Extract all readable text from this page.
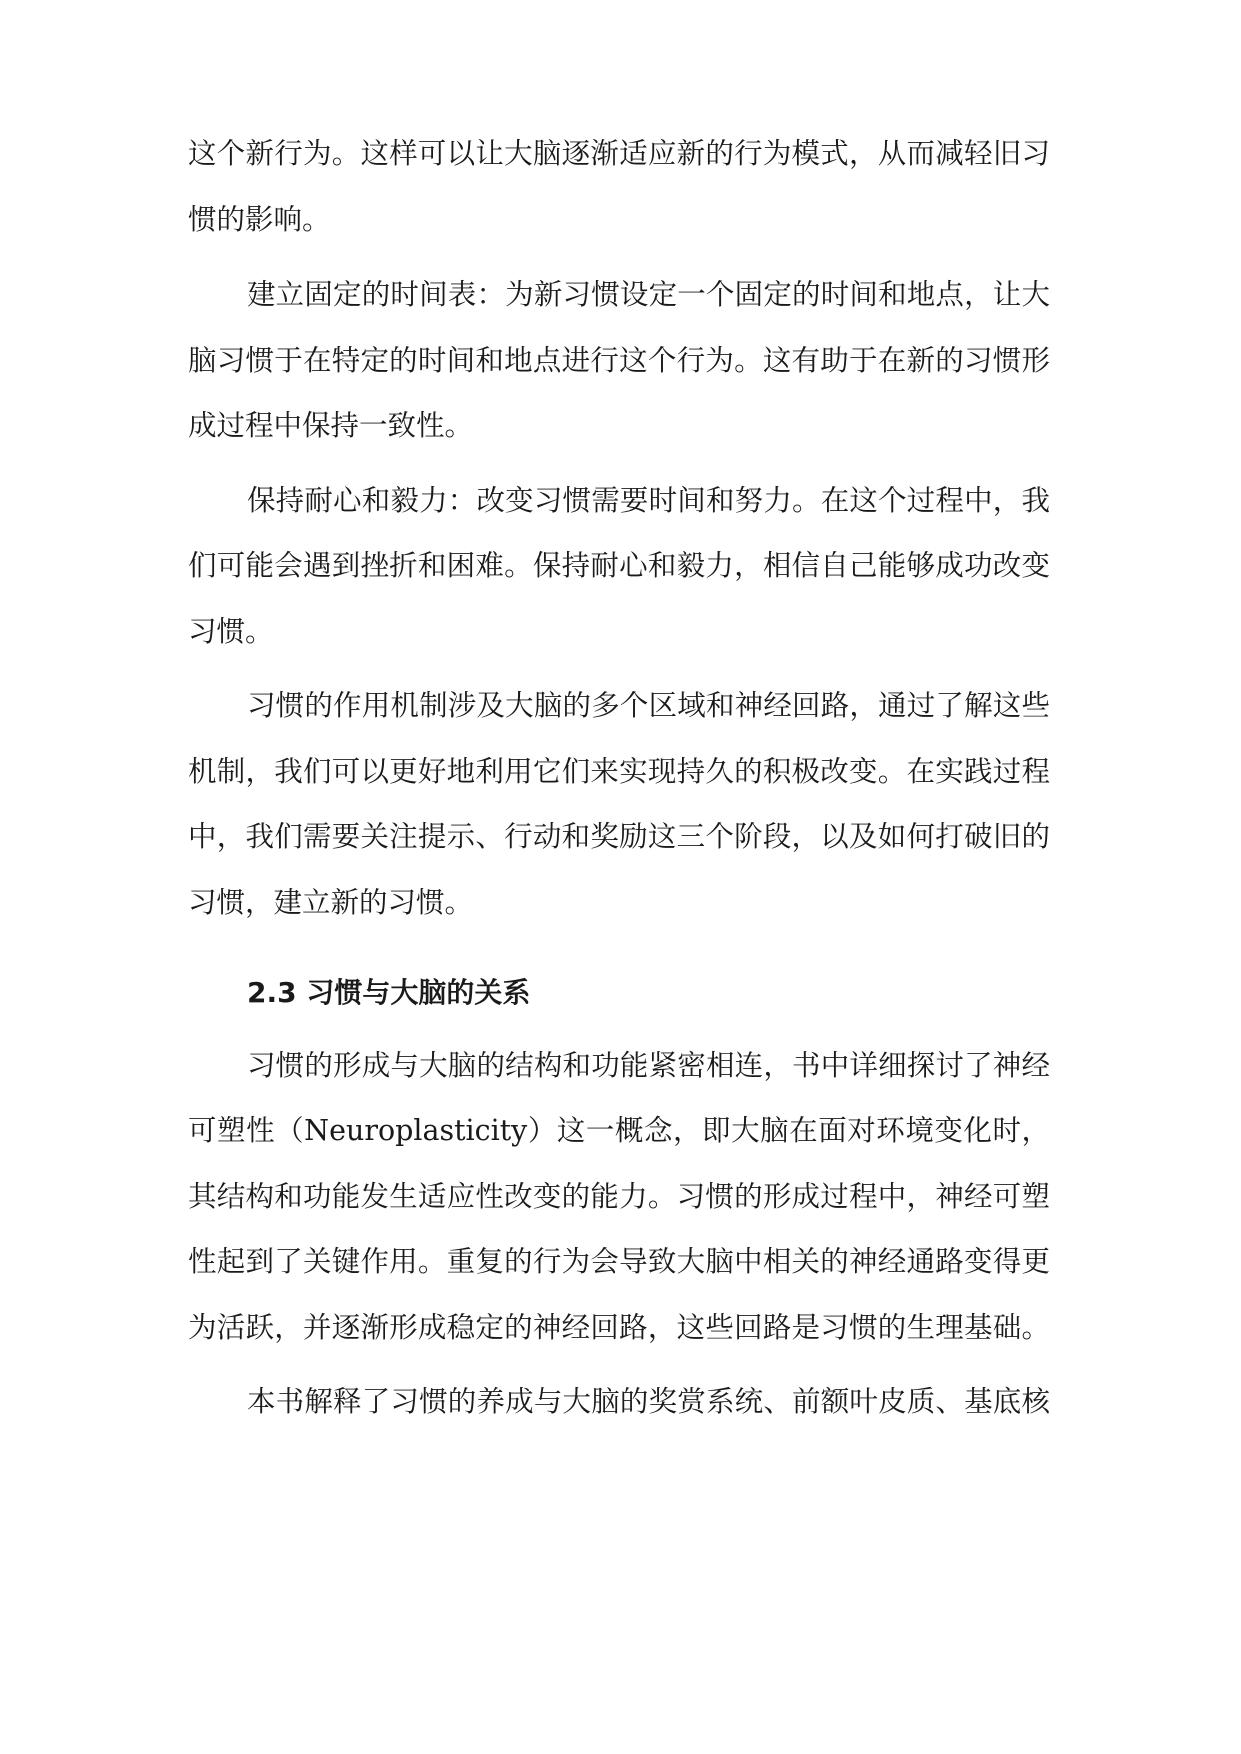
这个新行为。这样可以让大脑逐渐适应新的行为模式，从而减轻旧习
惯的影响。
建立固定的时间表：为新习惯设定一个固定的时间和地点，让大
脑习惯于在特定的时间和地点进行这个行为。这有助于在新的习惯形
成过程中保持一致性。
保持耐心和毅力：改变习惯需要时间和努力。在这个过程中，我
们可能会遇到挫折和困难。保持耐心和毅力，相信自己能够成功改变
习惯。
习惯的作用机制涉及大脑的多个区域和神经回路，通过了解这些
机制，我们可以更好地利用它们来实现持久的积极改变。在实践过程
中，我们需要关注提示、行动和奖励这三个阶段，以及如何打破旧的
习惯，建立新的习惯。
2.3 习惯与大脑的关系
习惯的形成与大脑的结构和功能紧密相连，书中详细探讨了神经
可塑性（Neuroplasticity）这一概念，即大脑在面对环境变化时，
其结构和功能发生适应性改变的能力。习惯的形成过程中，神经可塑
性起到了关键作用。重复的行为会导致大脑中相关的神经通路变得更
为活跃，并逐渐形成稳定的神经回路，这些回路是习惯的生理基础。
本书解释了习惯的养成与大脑的奖赏系统、前额叶皮质、基底核
